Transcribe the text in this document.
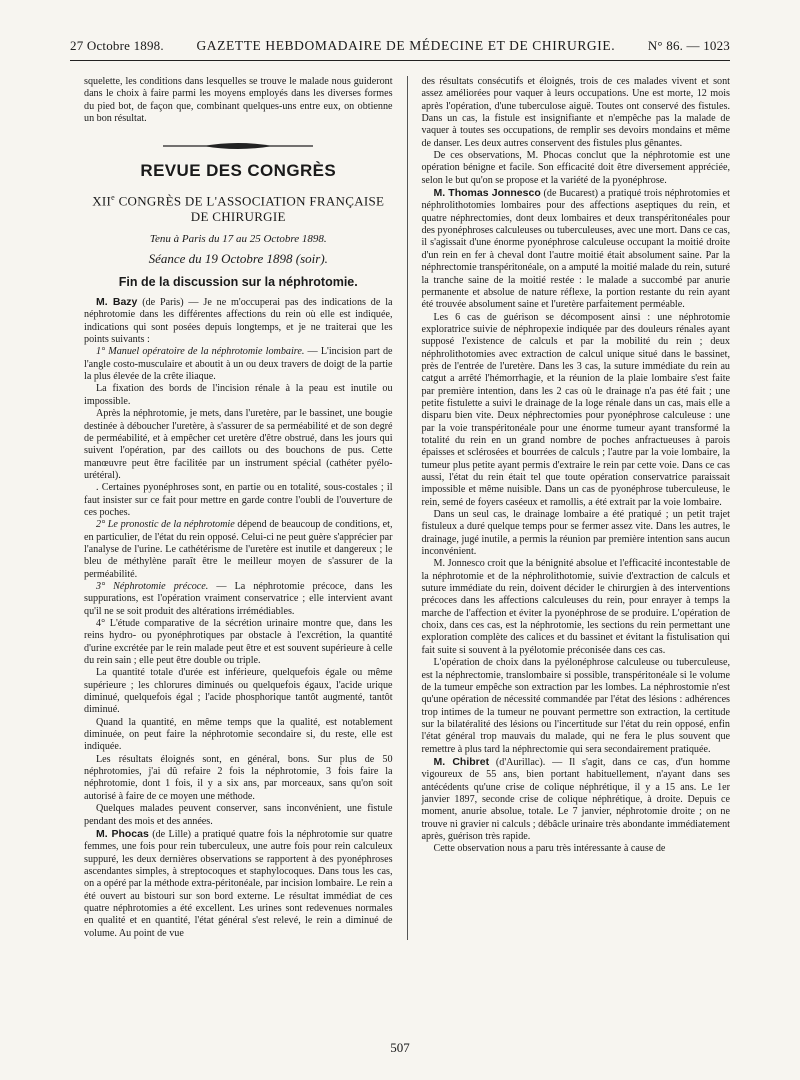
27 Octobre 1898. GAZETTE HEBDOMADAIRE DE MÉDECINE ET DE CHIRURGIE.	N° 86. — 1023

squelette, les conditions dans lesquelles se trouve le malade nous guideront dans le choix à faire parmi les moyens employés dans les diverses formes du pied bot, de façon que, combinant quelques-uns entre eux, on obtienne un bon résultat.

REVUE DES CONGRÈS
XIIe CONGRÈS DE L'ASSOCIATION FRANÇAISE DE CHIRURGIE
Tenu à Paris du 17 au 25 Octobre 1898.
Séance du 19 Octobre 1898 (soir).
Fin de la discussion sur la néphrotomie.

M. Bazy (de Paris) — Je ne m'occuperai pas des indications de la néphrotomie dans les différentes affections du rein où elle est indiquée, indications qui sont posées depuis longtemps, et je ne traiterai que les points suivants :

1° Manuel opératoire de la néphrotomie lombaire. — L'incision part de l'angle costo-musculaire et aboutit à un ou deux travers de doigt de la partie la plus élevée de la crête iliaque.

La fixation des bords de l'incision rénale à la peau est inutile ou impossible.

Après la néphrotomie, je mets, dans l'uretère, par le bassinet, une bougie destinée à déboucher l'uretère, à s'assurer de sa perméabilité et de son degré de perméabilité, et à empêcher cet uretère d'être obstrué, dans les jours qui suivent l'opération, par des caillots ou des bouchons de pus. Cette manœuvre peut être facilitée par un instrument spécial (cathéter pyélo-urétéral).

. Certaines pyonéphroses sont, en partie ou en totalité, sous-costales ; il faut insister sur ce fait pour mettre en garde contre l'oubli de l'ouverture de ces poches.

2° Le pronostic de la néphrotomie dépend de beaucoup de conditions, et, en particulier, de l'état du rein opposé. Celui-ci ne peut guère s'apprécier par l'analyse de l'urine. Le cathétérisme de l'uretère est inutile et dangereux ; le bleu de méthylène paraît être le meilleur moyen de s'assurer de la perméabilité.

3° Néphrotomie précoce. — La néphrotomie précoce, dans les suppurations, est l'opération vraiment conservatrice ; elle intervient avant qu'il ne se soit produit des altérations irrémédiables.

4° L'étude comparative de la sécrétion urinaire montre que, dans les reins hydro- ou pyonéphrotiques par obstacle à l'excrétion, la quantité d'urine excrétée par le rein malade peut être et est souvent supérieure à celle du rein sain ; elle peut être double ou triple.

La quantité totale d'urée est inférieure, quelquefois égale ou même supérieure ; les chlorures diminués ou quelquefois égaux, l'acide urique diminué, quelquefois égal ; l'acide phosphorique tantôt augmenté, tantôt diminué.

Quand la quantité, en même temps que la qualité, est notablement diminuée, on peut faire la néphrotomie secondaire si, du reste, elle est indiquée.

Les résultats éloignés sont, en général, bons. Sur plus de 50 néphrotomies, j'ai dû refaire 2 fois la néphrotomie, 3 fois faire la néphrotomie, dont 1 fois, il y a six ans, par morceaux, sans qu'on soit autorisé à faire de ce moyen une méthode.

Quelques malades peuvent conserver, sans inconvénient, une fistule pendant des mois et des années.

M. Phocas (de Lille) a pratiqué quatre fois la néphrotomie sur quatre femmes, une fois pour rein tuberculeux, une autre fois pour rein calculeux suppuré, les deux dernières observations se rapportent à des pyonéphroses ascendantes simples, à streptocoques et staphylocoques. Dans tous les cas, on a opéré par la méthode extra-péritonéale, par incision lombaire. Le rein a été ouvert au bistouri sur son bord externe. Le résultat immédiat de ces quatre néphrotomies a été excellent. Les urines sont redevenues normales en qualité et en quantité, l'état général s'est relevé, le rein a diminué de volume. Au point de vue

des résultats consécutifs et éloignés, trois de ces malades vivent et sont assez améliorées pour vaquer à leurs occupations. Une est morte, 12 mois après l'opération, d'une tuberculose aiguë. Toutes ont conservé des fistules. Dans un cas, la fistule est insignifiante et n'empêche pas la malade de vaquer à toutes ses occupations, de remplir ses devoirs mondains et même de danser. Les deux autres conservent des fistules plus gênantes.

De ces observations, M. Phocas conclut que la néphrotomie est une opération bénigne et facile. Son efficacité doit être diversement appréciée, selon le but qu'on se propose et la variété de la pyonéphrose.

M. Thomas Jonnesco (de Bucarest) a pratiqué trois néphrotomies et néphrolithotomies lombaires pour des affections aseptiques du rein, et quatre néphrectomies, dont deux lombaires et deux transpéritonéales pour des pyonéphroses calculeuses ou tuberculeuses, avec une mort. Dans ce cas, il s'agissait d'une énorme pyonéphrose calculeuse occupant la moitié droite d'un rein en fer à cheval dont l'autre moitié était absolument saine. Par la néphrectomie transpéritonéale, on a amputé la moitié malade du rein, suturé la tranche saine de la moitié restée : le malade a succombé par anurie permanente et absolue de nature réflexe, la portion restante du rein ayant été trouvée absolument saine et l'uretère parfaitement perméable.

Les 6 cas de guérison se décomposent ainsi : une néphrotomie exploratrice suivie de néphropexie indiquée par des douleurs rénales ayant supposé l'existence de calculs et par la mobilité du rein ; deux néphrolithotomies avec extraction de calcul unique situé dans le bassinet, près de l'entrée de l'uretère. Dans les 3 cas, la suture immédiate du rein au catgut a arrêté l'hémorrhagie, et la réunion de la plaie lombaire s'est faite par première intention, dans les 2 cas où le drainage n'a pas été fait ; une petite fistulette a suivi le drainage de la loge rénale dans un cas, mais elle a disparu bien vite. Deux néphrectomies pour pyonéphrose calculeuse : une par la voie transpéritonéale pour une énorme tumeur ayant transformé la totalité du rein en un grand nombre de poches anfractueuses à parois épaisses et sclérosées et bourrées de calculs ; l'autre par la voie lombaire, la tumeur plus petite ayant permis d'extraire le rein par cette voie. Dans ce cas aussi, l'état du rein était tel que toute opération conservatrice paraissait impossible et même nuisible. Dans un cas de pyonéphrose tuberculeuse, le rein, semé de foyers caséeux et ramollis, a été extrait par la voie lombaire.

Dans un seul cas, le drainage lombaire a été pratiqué ; un petit trajet fistuleux a duré quelque temps pour se fermer assez vite. Dans les autres, le drainage, jugé inutile, a permis la réunion par première intention sans aucun inconvénient.

M. Jonnesco croit que la bénignité absolue et l'efficacité incontestable de la néphrotomie et de la néphrolithotomie, suivie d'extraction de calculs et suture immédiate du rein, doivent décider le chirurgien à des interventions précoces dans les affections calculeuses du rein, pour enrayer à temps la marche de l'affection et éviter la pyonéphrose de se produire. L'opération de choix, dans ces cas, est la néphrotomie, les sections du rein permettant une exploration complète des calices et du bassinet et évitant la fistulisation qui fait suite si souvent à la pyélotomie préconisée dans ces cas.

L'opération de choix dans la pyélonéphrose calculeuse ou tuberculeuse, est la néphrectomie, translombaire si possible, transpéritonéale si le volume de la tumeur empêche son extraction par les lombes. La néphrostomie n'est qu'une opération de nécessité commandée par l'état des lésions : adhérences trop intimes de la tumeur ne pouvant permettre son extraction, la certitude sur la bilatéralité des lésions ou l'incertitude sur l'état du rein opposé, enfin l'état général trop mauvais du malade, qui ne fera le plus souvent que remettre à plus tard la néphrectomie qui sera secondairement pratiquée.

M. Chibret (d'Aurillac). — Il s'agit, dans ce cas, d'un homme vigoureux de 55 ans, bien portant habituellement, n'ayant dans ses antécédents qu'une crise de colique néphrétique, il y a 15 ans. Le 1er janvier 1897, seconde crise de colique néphrétique, à droite. Depuis ce moment, anurie absolue, totale. Le 7 janvier, néphrotomie droite ; on ne trouve ni gravier ni calculs ; débâcle urinaire très abondante immédiatement après, guérison très rapide.

Cette observation nous a paru très intéressante à cause de

507
